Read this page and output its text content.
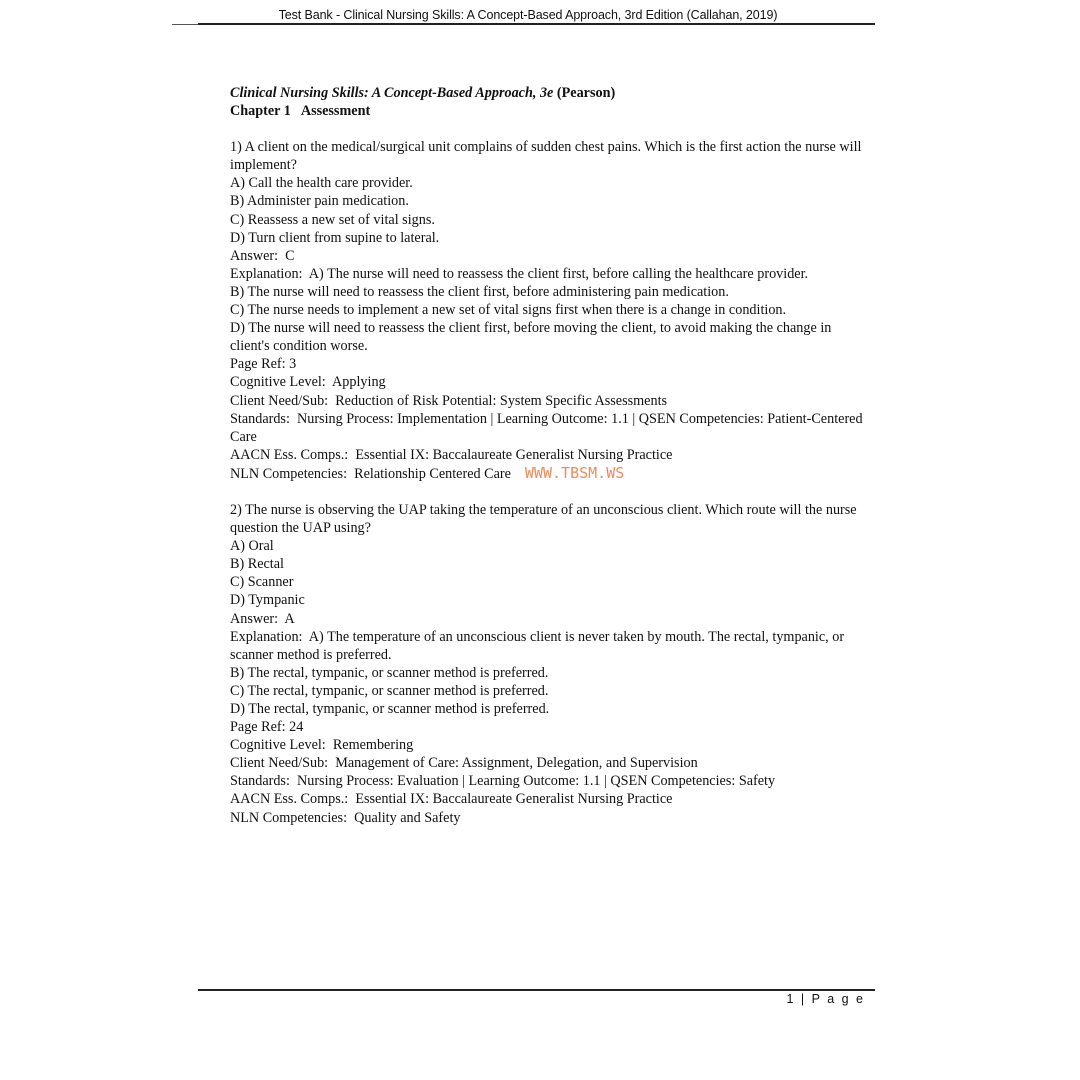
Test Bank - Clinical Nursing Skills: A Concept-Based Approach, 3rd Edition (Callahan, 2019)
Clinical Nursing Skills: A Concept-Based Approach, 3e (Pearson)
Chapter 1 Assessment
1) A client on the medical/surgical unit complains of sudden chest pains. Which is the first action the nurse will implement?
A) Call the health care provider.
B) Administer pain medication.
C) Reassess a new set of vital signs.
D) Turn client from supine to lateral.
Answer:  C
Explanation:  A) The nurse will need to reassess the client first, before calling the healthcare provider.
B) The nurse will need to reassess the client first, before administering pain medication.
C) The nurse needs to implement a new set of vital signs first when there is a change in condition.
D) The nurse will need to reassess the client first, before moving the client, to avoid making the change in client's condition worse.
Page Ref: 3
Cognitive Level:  Applying
Client Need/Sub:  Reduction of Risk Potential: System Specific Assessments
Standards:  Nursing Process: Implementation | Learning Outcome: 1.1 | QSEN Competencies: Patient-Centered Care
AACN Ess. Comps.:  Essential IX: Baccalaureate Generalist Nursing Practice
NLN Competencies:  Relationship Centered Care WWW.TBSM.WS
2) The nurse is observing the UAP taking the temperature of an unconscious client. Which route will the nurse question the UAP using?
A) Oral
B) Rectal
C) Scanner
D) Tympanic
Answer:  A
Explanation:  A) The temperature of an unconscious client is never taken by mouth. The rectal, tympanic, or scanner method is preferred.
B) The rectal, tympanic, or scanner method is preferred.
C) The rectal, tympanic, or scanner method is preferred.
D) The rectal, tympanic, or scanner method is preferred.
Page Ref: 24
Cognitive Level:  Remembering
Client Need/Sub:  Management of Care: Assignment, Delegation, and Supervision
Standards:  Nursing Process: Evaluation | Learning Outcome: 1.1 | QSEN Competencies: Safety
AACN Ess. Comps.:  Essential IX: Baccalaureate Generalist Nursing Practice
NLN Competencies:  Quality and Safety
1 | P a g e
